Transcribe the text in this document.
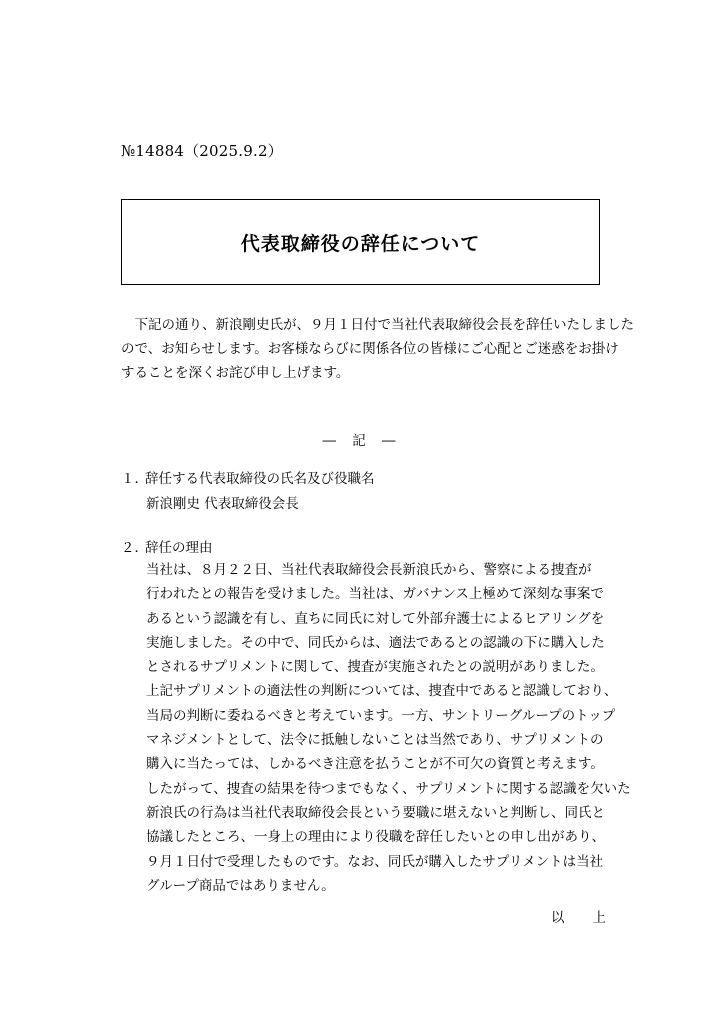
№14884（2025.9.2）
代表取締役の辞任について
　下記の通り、新浪剛史氏が、９月１日付で当社代表取締役会長を辞任いたしました
ので、お知らせします。お客様ならびに関係各位の皆様にご心配とご迷惑をお掛け
することを深くお詫び申し上げます。
― 記 ―
１．辞任する代表取締役の氏名及び役職名
新浪剛史 代表取締役会長
２．辞任の理由
当社は、８月２２日、当社代表取締役会長新浪氏から、警察による捜査が
行われたとの報告を受けました。当社は、ガバナンス上極めて深刻な事案で
あるという認識を有し、直ちに同氏に対して外部弁護士によるヒアリングを
実施しました。その中で、同氏からは、適法であるとの認識の下に購入した
とされるサプリメントに関して、捜査が実施されたとの説明がありました。
上記サプリメントの適法性の判断については、捜査中であると認識しており、
当局の判断に委ねるべきと考えています。一方、サントリーグループのトップ
マネジメントとして、法令に抵触しないことは当然であり、サプリメントの
購入に当たっては、しかるべき注意を払うことが不可欠の資質と考えます。
したがって、捜査の結果を待つまでもなく、サプリメントに関する認識を欠いた
新浪氏の行為は当社代表取締役会長という要職に堪えないと判断し、同氏と
協議したところ、一身上の理由により役職を辞任したいとの申し出があり、
９月１日付で受理したものです。なお、同氏が購入したサプリメントは当社
グループ商品ではありません。
以上
